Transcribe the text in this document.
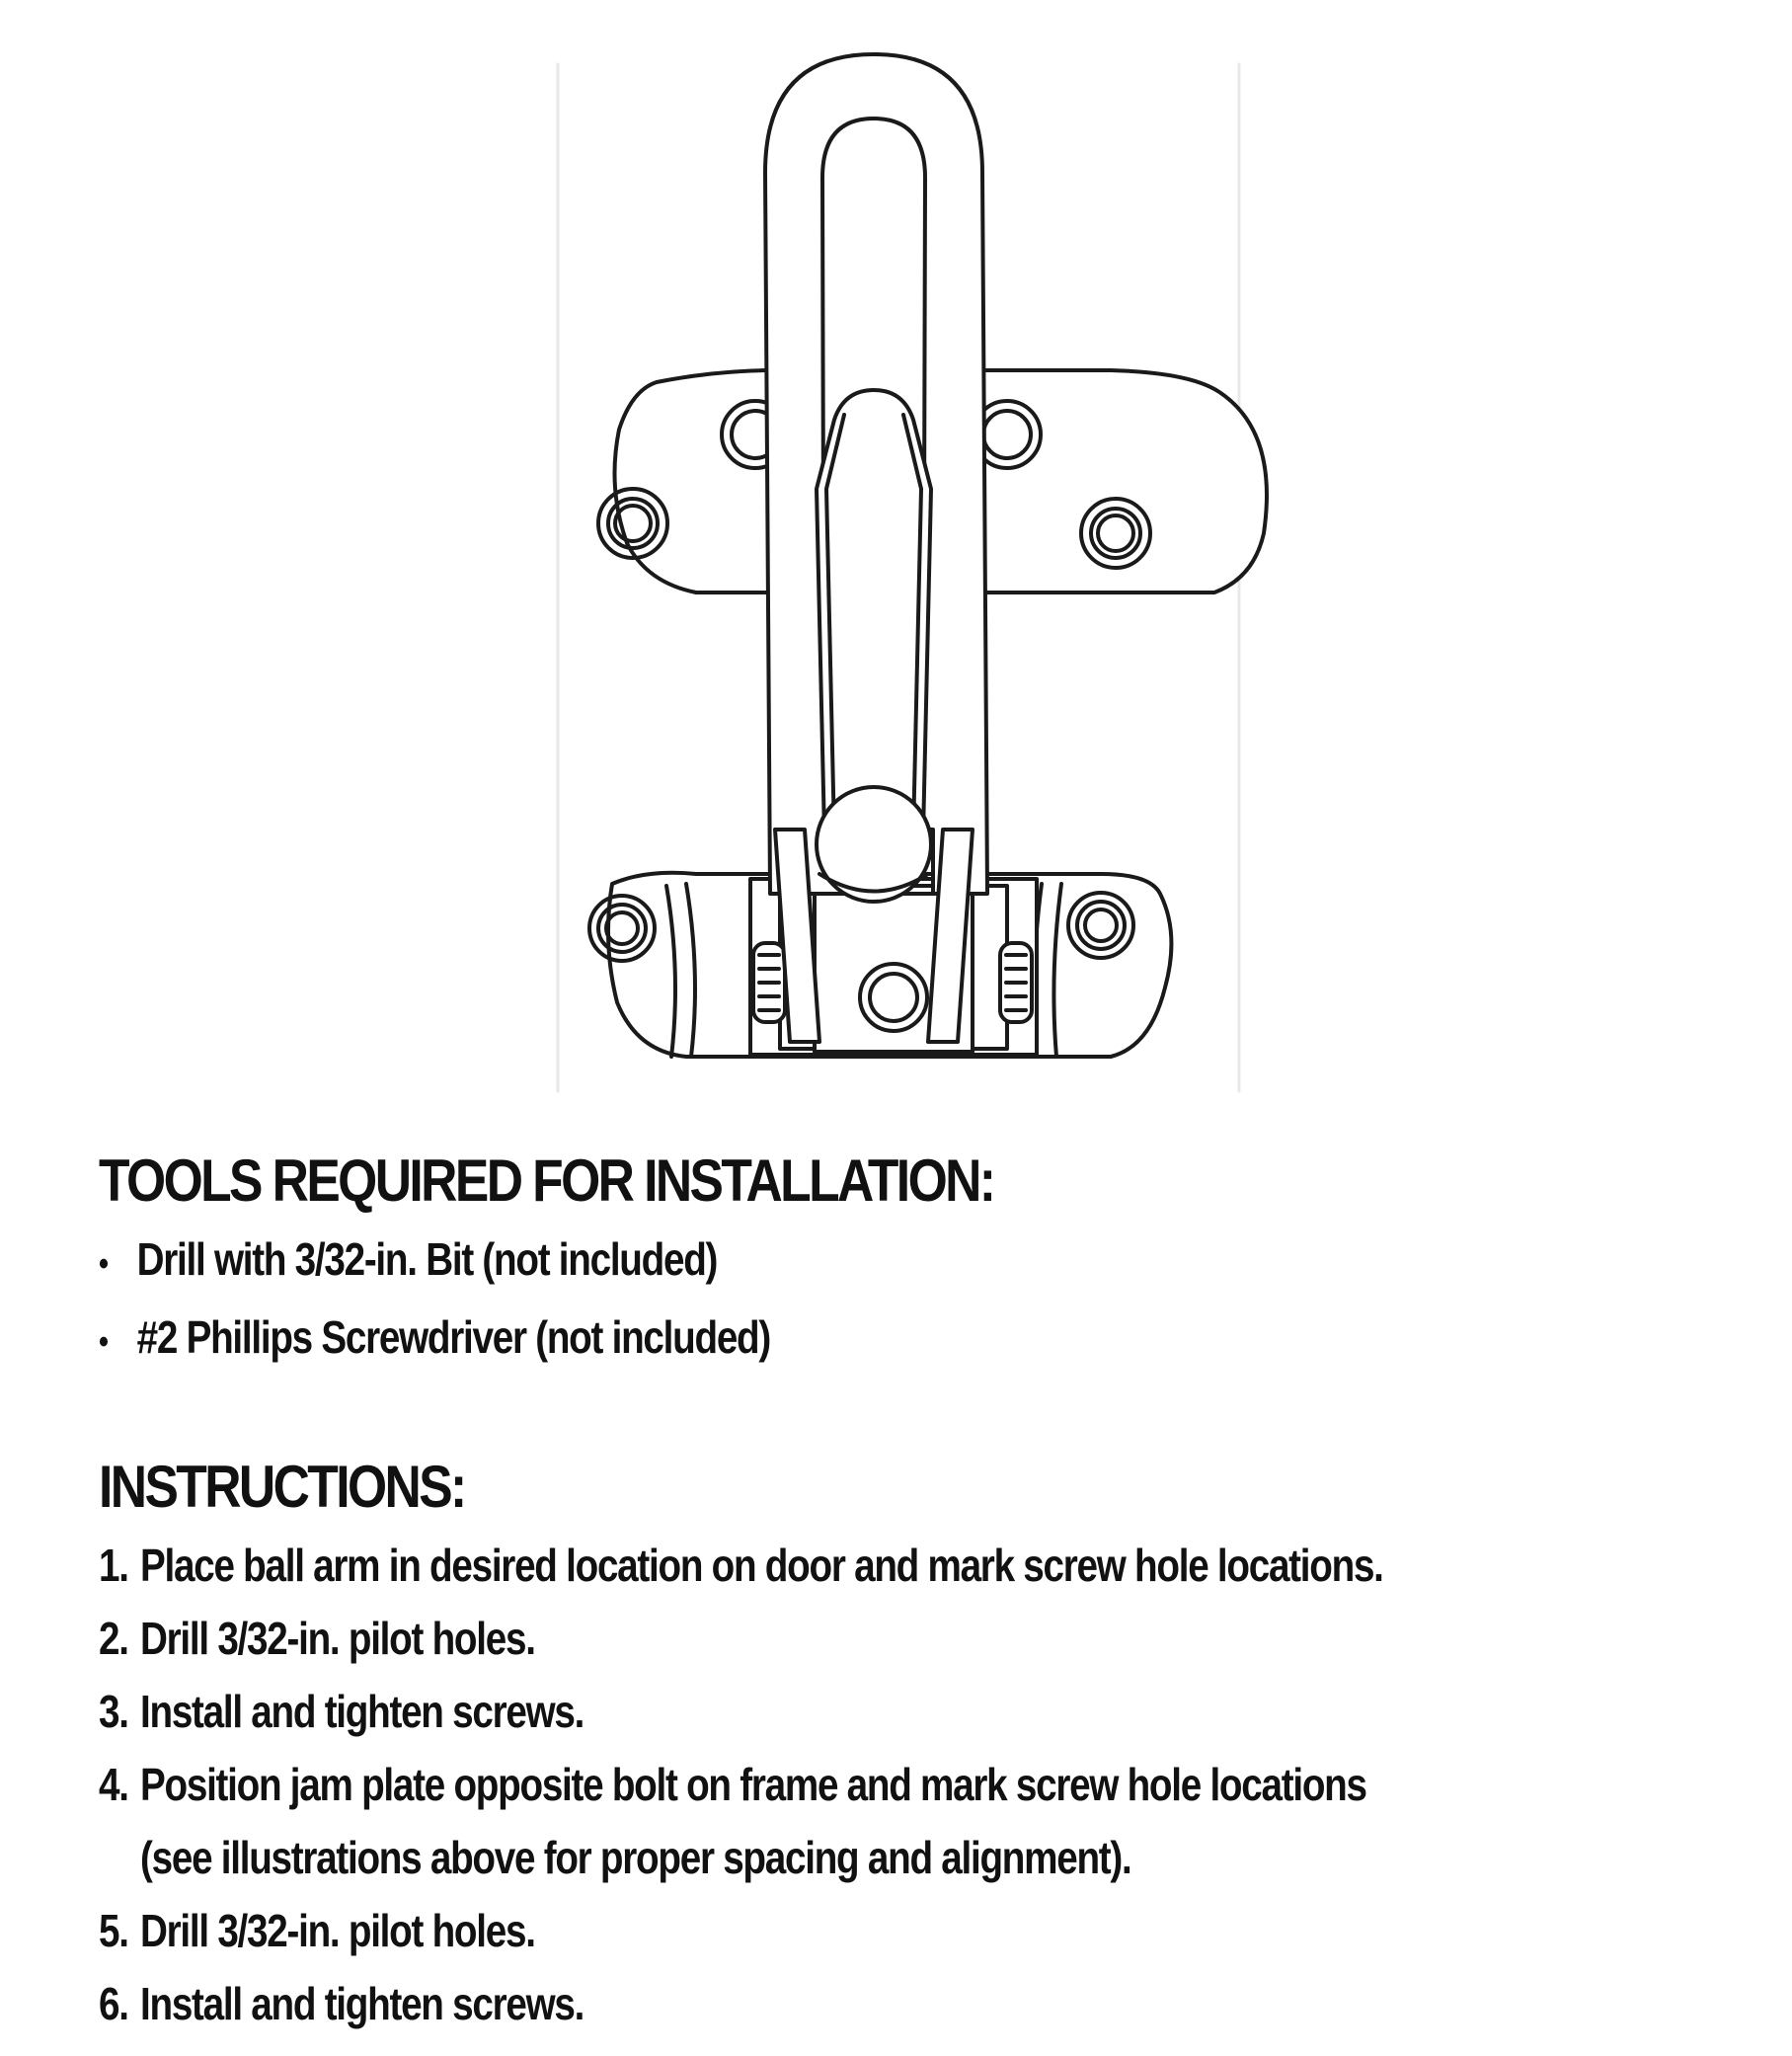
TOOLS REQUIRED FOR INSTALLATION:
• Drill with 3/32-in. Bit (not included)
• #2 Phillips Screwdriver (not included)
INSTRUCTIONS:
1. Place ball arm in desired location on door and mark screw hole locations.
2. Drill 3/32-in. pilot holes.
3. Install and tighten screws.
4. Position jam plate opposite bolt on frame and mark screw hole locations
(see illustrations above for proper spacing and alignment).
5. Drill 3/32-in. pilot holes.
6. Install and tighten screws.
